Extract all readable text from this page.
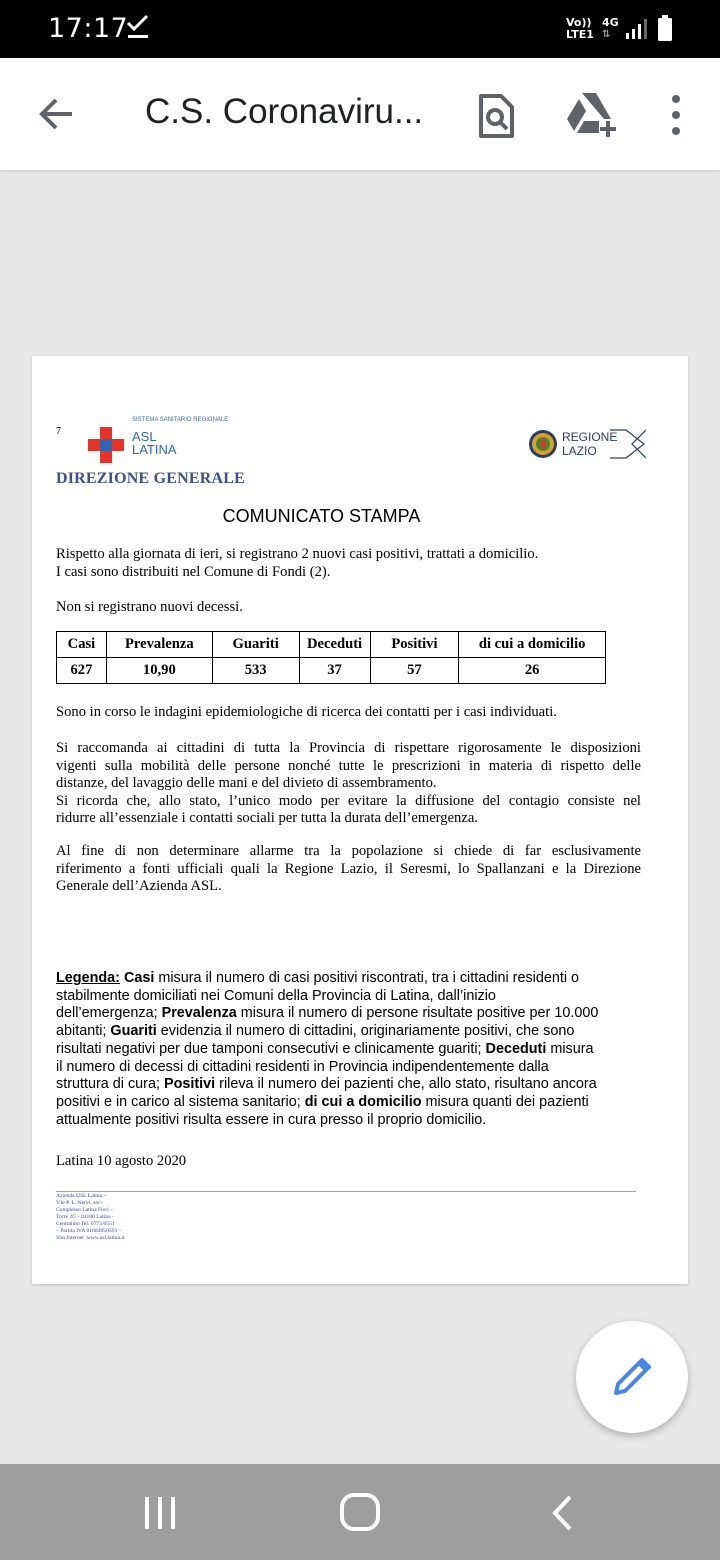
17:17	Vo))
LTE1
4G
⇅
C.S. Coronaviru...
7
SISTEMA SANITARIO REGIONALE
ASL
LATINA
REGIONE
LAZIO
DIREZIONE GENERALE
COMUNICATO STAMPA
Rispetto alla giornata di ieri, si registrano 2 nuovi casi positivi, trattati a domicilio.
I casi sono distribuiti nel Comune di Fondi (2).
Non si registrano nuovi decessi.
Casi	Prevalenza	Guariti	Deceduti	Positivi	di cui a domicilio
627	10,90	533	37	57	26
Sono in corso le indagini epidemiologiche di ricerca dei contatti per i casi individuati.
Si raccomanda ai cittadini di tutta la Provincia di rispettare rigorosamente le disposizioni
vigenti sulla mobilità delle persone nonché tutte le prescrizioni in materia di rispetto delle
distanze, del lavaggio delle mani e del divieto di assembramento.
Si ricorda che, allo stato, l’unico modo per evitare la diffusione del contagio consiste nel
ridurre all’essenziale i contatti sociali per tutta la durata dell’emergenza.
Al fine di non determinare allarme tra la popolazione si chiede di far esclusivamente
riferimento a fonti ufficiali quali la Regione Lazio, il Seresmi, lo Spallanzani e la Direzione
Generale dell’Azienda ASL.
Legenda: Casi misura il numero di casi positivi riscontrati, tra i cittadini residenti o
stabilmente domiciliati nei Comuni della Provincia di Latina, dall’inizio
dell’emergenza; Prevalenza misura il numero di persone risultate positive per 10.000
abitanti; Guariti evidenzia il numero di cittadini, originariamente positivi, che sono
risultati negativi per due tamponi consecutivi e clinicamente guariti; Deceduti misura
il numero di decessi di cittadini residenti in Provincia indipendentemente dalla
struttura di cura; Positivi rileva il numero dei pazienti che, allo stato, risultano ancora
positivi e in carico al sistema sanitario; di cui a domicilio misura quanti dei pazienti
attualmente positivi risulta essere in cura presso il proprio domicilio.
Latina 10 agosto 2020
Azienda USL Latina –
V.le P. L. Nervi, snc-
Complesso Latina Fiori –
Torre 2G - 04100 Latina -
Centralino Tel. 0773/6551
– Partita IVA 01684950593 –
Sito Internet :www.asl.latina.it
